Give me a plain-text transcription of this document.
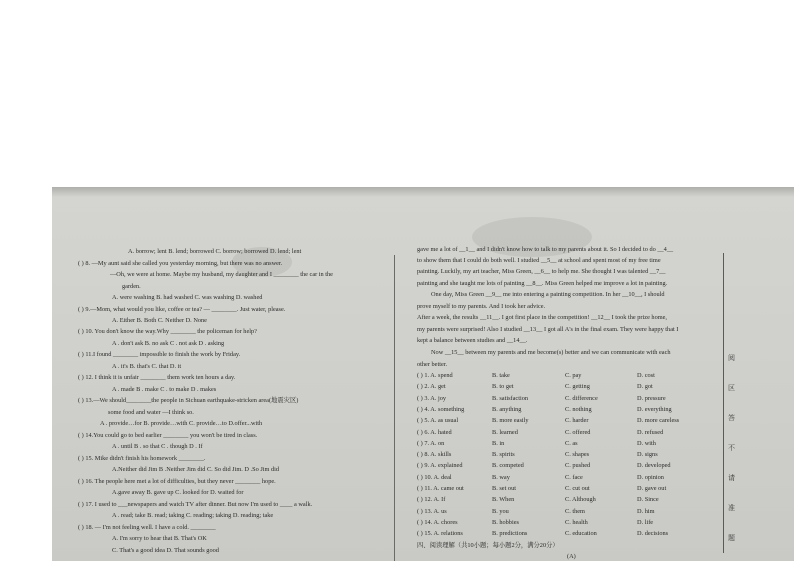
A. borrow; lent B. lend; borrowed C. borrow; borrowed D. lend; lent
( ) 8. —My aunt said she called you yesterday morning, but there was no answer.
—Oh, we were at home. Maybe my husband, my daughter and I ________ the car in the
garden.
A. were washing B. had washed C. was washing D. washed
( ) 9.—Mom, what would you like, coffee or tea? — ________. Just water, please.
A. Either B. Both C. Neither D. None
( ) 10. You don't know the way.Why ________ the policeman for help?
A . don't ask B. no ask C . not ask D . asking
( ) 11.I found ________ impossible to finish the work by Friday.
A . it's B. that's C. that D. it
( ) 12. I think it is unfair ________ them work ten hours a day.
A . made B . make C . to make D . makes
( ) 13.—We should________the people in Sichuan earthquake-stricken area(地震灾区)
some food and water —I think so.
A . provide…for B. provide…with C. provide…to D.offer...with
( ) 14.You could go to bed earlier ________ you won't be tired in class.
A . until B . so that C . though D . If
( ) 15. Mike didn't finish his homework ________.
A.Neither did Jim B .Neither Jim did C. So did Jim. D .So Jim did
( ) 16. The people here met a lot of difficulties, but they never ________ hope.
A.gave away B. gave up C. looked for D. waited for
( ) 17. I used to ___newspapers and watch TV after dinner. But now I'm used to ____ a walk.
A . read; take B. read; taking C. reading; taking D. reading; take
( ) 18. — I'm not feeling well. I have a cold. ________
A. I'm sorry to hear that B. That's OK
C. That's a good idea D. That sounds good
gave me a lot of __1__ and I didn't know how to talk to my parents about it. So I decided to do __4__
to show them that I could do both well. I studied __5__ at school and spent most of my free time
painting. Luckily, my art teacher, Miss Green, __6__ to help me. She thought I was talented __7__
painting and she taught me lots of painting __8__. Miss Green helped me improve a lot in painting.
One day, Miss Green __9__ me into entering a painting competition. In her __10__, I should
prove myself to my parents. And I took her advice.
After a week, the results __11__. I got first place in the competition! __12__ I took the prize home,
my parents were surprised! Also I studied __13__ I got all A's in the final exam. They were happy that I
kept a balance between studies and __14__.
Now __15__ between my parents and me become(s) better and we can communicate with each
other better.
( ) 1. A. spend	B. take	C. pay	D. cost
( ) 2. A. get	B. to get	C. getting	D. got
( ) 3. A. joy	B. satisfaction	C. difference	D. pressure
( ) 4. A. something	B. anything	C. nothing	D. everything
( ) 5. A. as usual	B. more easily	C. harder	D. more careless
( ) 6. A. hated	B. learned	C. offered	D. refused
( ) 7. A. on	B. in	C. as	D. with
( ) 8. A. skills	B. spirits	C. shapes	D. signs
( ) 9. A. explained	B. competed	C. pushed	D. developed
( ) 10. A. deal	B. way	C. face	D. opinion
( ) 11. A. came out	B. set out	C. cut out	D. gave out
( ) 12. A. If	B. When	C. Although	D. Since
( ) 13. A. us	B. you	C. them	D. him
( ) 14. A. chores	B. hobbies	C. health	D. life
( ) 15. A. relations	B. predictions	C. education	D. decisions
四、阅读理解（共10小题；每小题2分，满分20分）
(A)
阅
区
答
不
请
准
题
